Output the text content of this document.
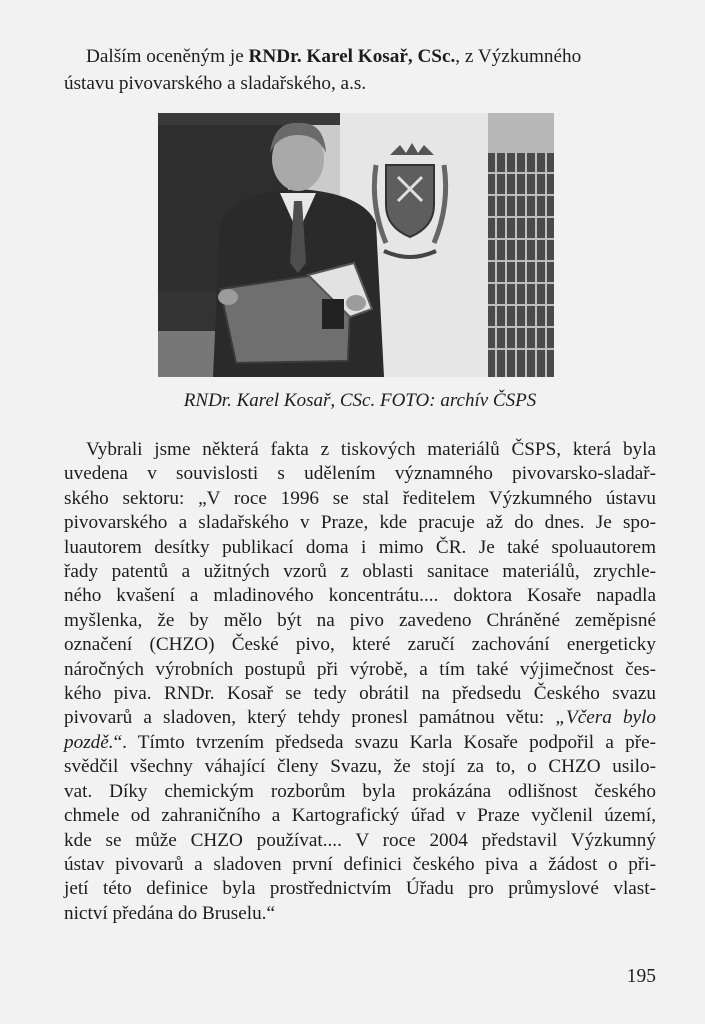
Dalším oceněným je RNDr. Karel Kosař, CSc., z Výzkumného
ústavu pivovarského a sladařského, a.s.

RNDr. Karel Kosař, CSc. FOTO: archív ČSPS

Vybrali jsme některá fakta z tiskových materiálů ČSPS, která byla
uvedena v souvislosti s udělením významného pivovarsko-sladař-
ského sektoru: „V roce 1996 se stal ředitelem Výzkumného ústavu
pivovarského a sladařského v Praze, kde pracuje až do dnes. Je spo-
luautorem desítky publikací doma i mimo ČR. Je také spoluautorem
řady patentů a užitných vzorů z oblasti sanitace materiálů, zrychle-
ného kvašení a mladinového koncentrátu.... doktora Kosaře napadla
myšlenka, že by mělo být na pivo zavedeno Chráněné zeměpisné
označení (CHZO) České pivo, které zaručí zachování energeticky
náročných výrobních postupů při výrobě, a tím také výjimečnost čes-
kého piva. RNDr. Kosař se tedy obrátil na předsedu Českého svazu
pivovarů a sladoven, který tehdy pronesl památnou větu: „Včera bylo
pozdě.“. Tímto tvrzením předseda svazu Karla Kosaře podpořil a pře-
svědčil všechny váhající členy Svazu, že stojí za to, o CHZO usilo-
vat. Díky chemickým rozborům byla prokázána odlišnost českého
chmele od zahraničního a Kartografický úřad v Praze vyčlenil území,
kde se může CHZO používat.... V roce 2004 představil Výzkumný
ústav pivovarů a sladoven první definici českého piva a žádost o při-
jetí této definice byla prostřednictvím Úřadu pro průmyslové vlast-
nictví předána do Bruselu.“

195
